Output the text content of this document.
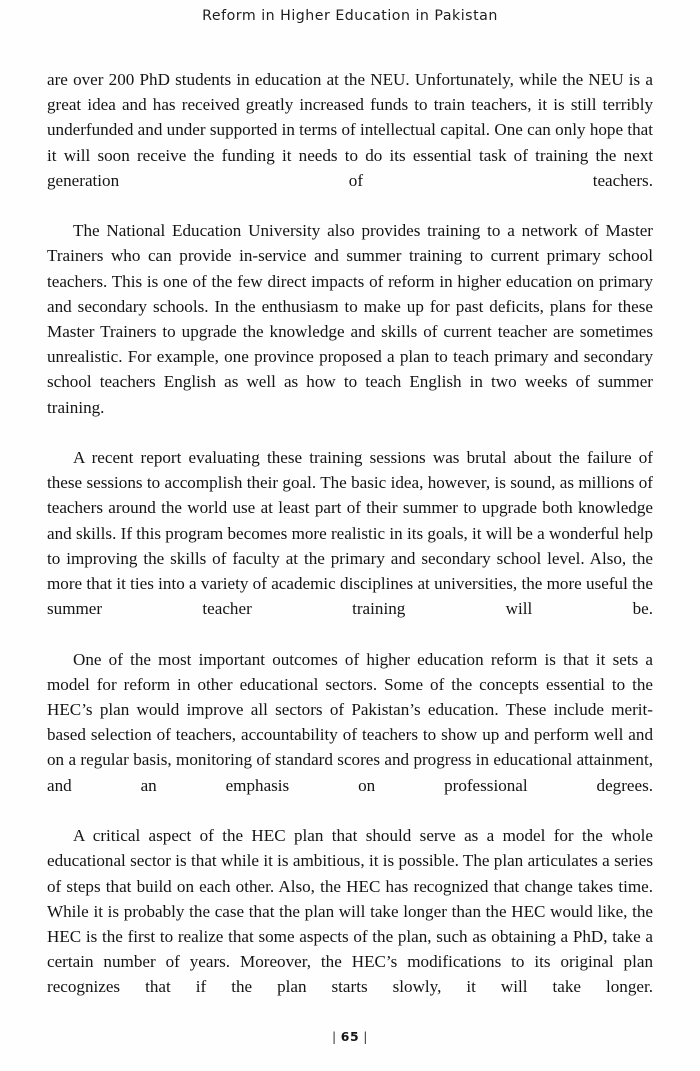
Reform in Higher Education in Pakistan

are over 200 PhD students in education at the NEU. Unfortunately, while the NEU is a great idea and has received greatly increased funds to train teachers, it is still terribly underfunded and under supported in terms of intellectual capital. One can only hope that it will soon receive the funding it needs to do its essential task of training the next generation of teachers.

The National Education University also provides training to a network of Master Trainers who can provide in-service and summer training to current primary school teachers. This is one of the few direct impacts of reform in higher education on primary and secondary schools. In the enthusiasm to make up for past deficits, plans for these Master Trainers to upgrade the knowledge and skills of current teacher are sometimes unrealistic. For example, one province proposed a plan to teach primary and secondary school teachers English as well as how to teach English in two weeks of summer training.

A recent report evaluating these training sessions was brutal about the failure of these sessions to accomplish their goal. The basic idea, however, is sound, as millions of teachers around the world use at least part of their summer to upgrade both knowledge and skills. If this program becomes more realistic in its goals, it will be a wonderful help to improving the skills of faculty at the primary and secondary school level. Also, the more that it ties into a variety of academic disciplines at universities, the more useful the summer teacher training will be.

One of the most important outcomes of higher education reform is that it sets a model for reform in other educational sectors. Some of the concepts essential to the HEC’s plan would improve all sectors of Pakistan’s education. These include merit-based selection of teachers, accountability of teachers to show up and perform well and on a regular basis, monitoring of standard scores and progress in educational attainment, and an emphasis on professional degrees.

A critical aspect of the HEC plan that should serve as a model for the whole educational sector is that while it is ambitious, it is possible. The plan articulates a series of steps that build on each other. Also, the HEC has recognized that change takes time. While it is probably the case that the plan will take longer than the HEC would like, the HEC is the first to realize that some aspects of the plan, such as obtaining a PhD, take a certain number of years. Moreover, the HEC’s modifications to its original plan recognizes that if the plan starts slowly, it will take longer.

| 65 |
